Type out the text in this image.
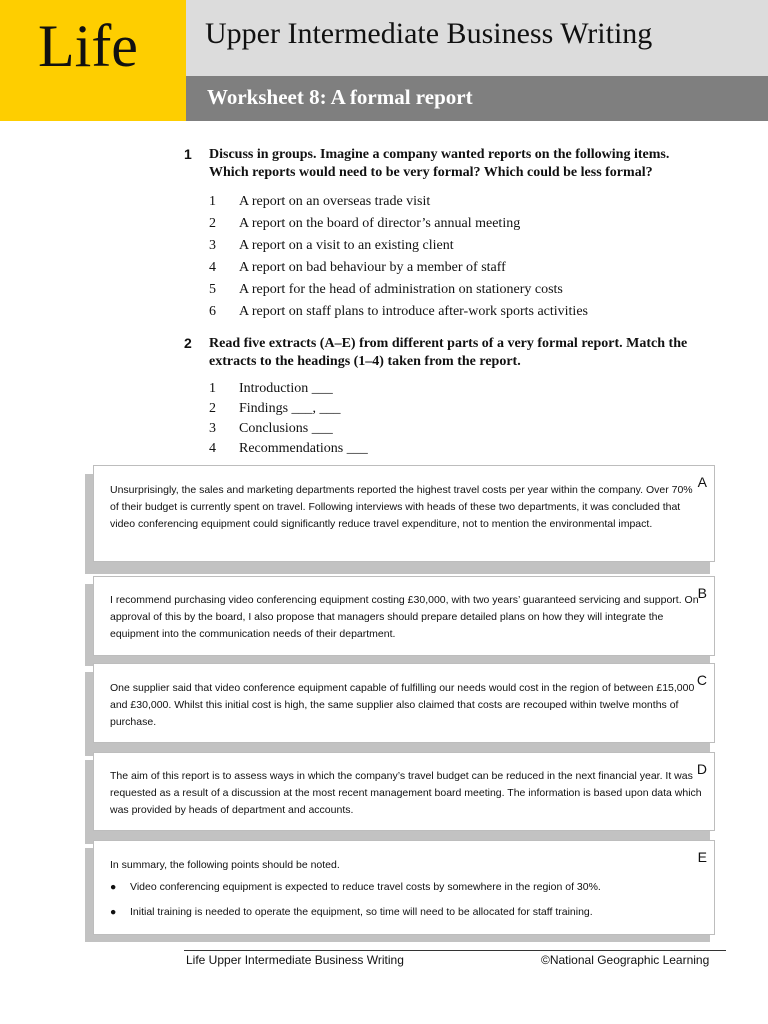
Life Upper Intermediate Business Writing
Worksheet 8: A formal report
1 Discuss in groups. Imagine a company wanted reports on the following items. Which reports would need to be very formal? Which could be less formal?
1 A report on an overseas trade visit
2 A report on the board of director’s annual meeting
3 A report on a visit to an existing client
4 A report on bad behaviour by a member of staff
5 A report for the head of administration on stationery costs
6 A report on staff plans to introduce after-work sports activities
2 Read five extracts (A–E) from different parts of a very formal report. Match the extracts to the headings (1–4) taken from the report.
1 Introduction ___
2 Findings ___, ___
3 Conclusions ___
4 Recommendations ___
Unsurprisingly, the sales and marketing departments reported the highest travel costs per year within the company. Over 70% of their budget is currently spent on travel. Following interviews with heads of these two departments, it was concluded that video conferencing equipment could significantly reduce travel expenditure, not to mention the environmental impact.
A
I recommend purchasing video conferencing equipment costing £30,000, with two years’ guaranteed servicing and support. On approval of this by the board, I also propose that managers should prepare detailed plans on how they will integrate the equipment into the communication needs of their department.
B
One supplier said that video conference equipment capable of fulfilling our needs would cost in the region of between £15,000 and £30,000. Whilst this initial cost is high, the same supplier also claimed that costs are recouped within twelve months of purchase.
C
The aim of this report is to assess ways in which the company’s travel budget can be reduced in the next financial year. It was requested as a result of a discussion at the most recent management board meeting. The information is based upon data which was provided by heads of department and accounts.
D
In summary, the following points should be noted.	E
● Video conferencing equipment is expected to reduce travel costs by somewhere in the region of 30%.
● Initial training is needed to operate the equipment, so time will need to be allocated for staff training.
Life Upper Intermediate Business Writing	©National Geographic Learning
